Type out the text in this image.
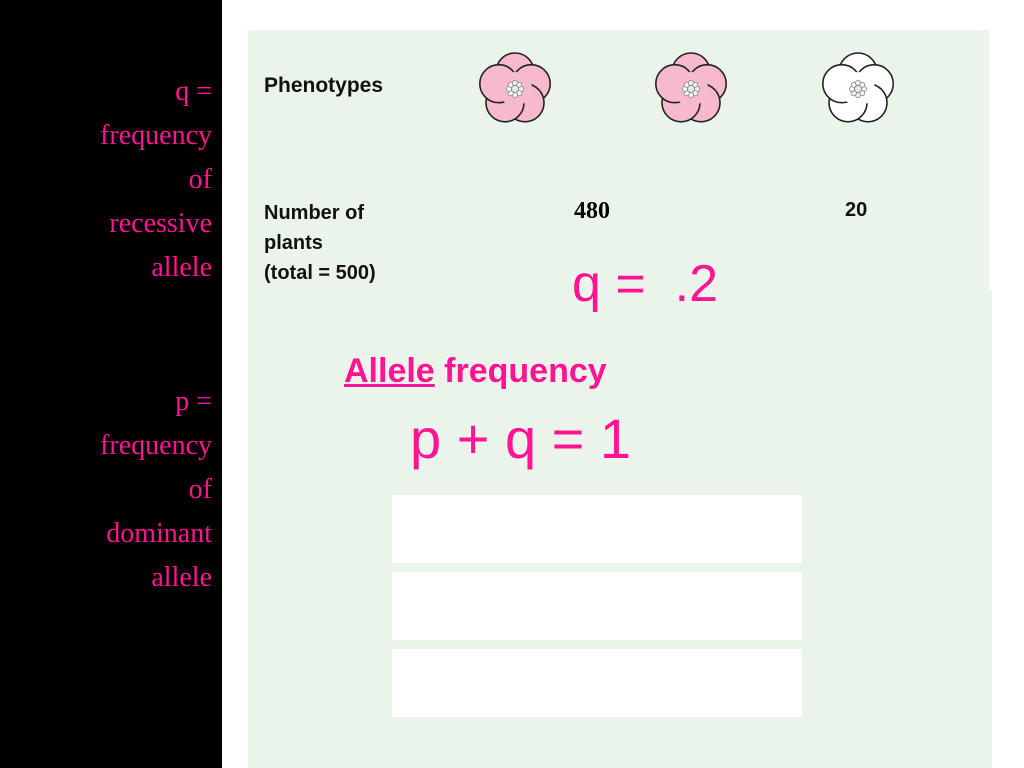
q =
frequency
of
recessive
allele
p =
frequency
of
dominant
allele
Phenotypes
Number of
plants
(total = 500)
480	20
q =  .2
Allele frequency
p + q = 1
